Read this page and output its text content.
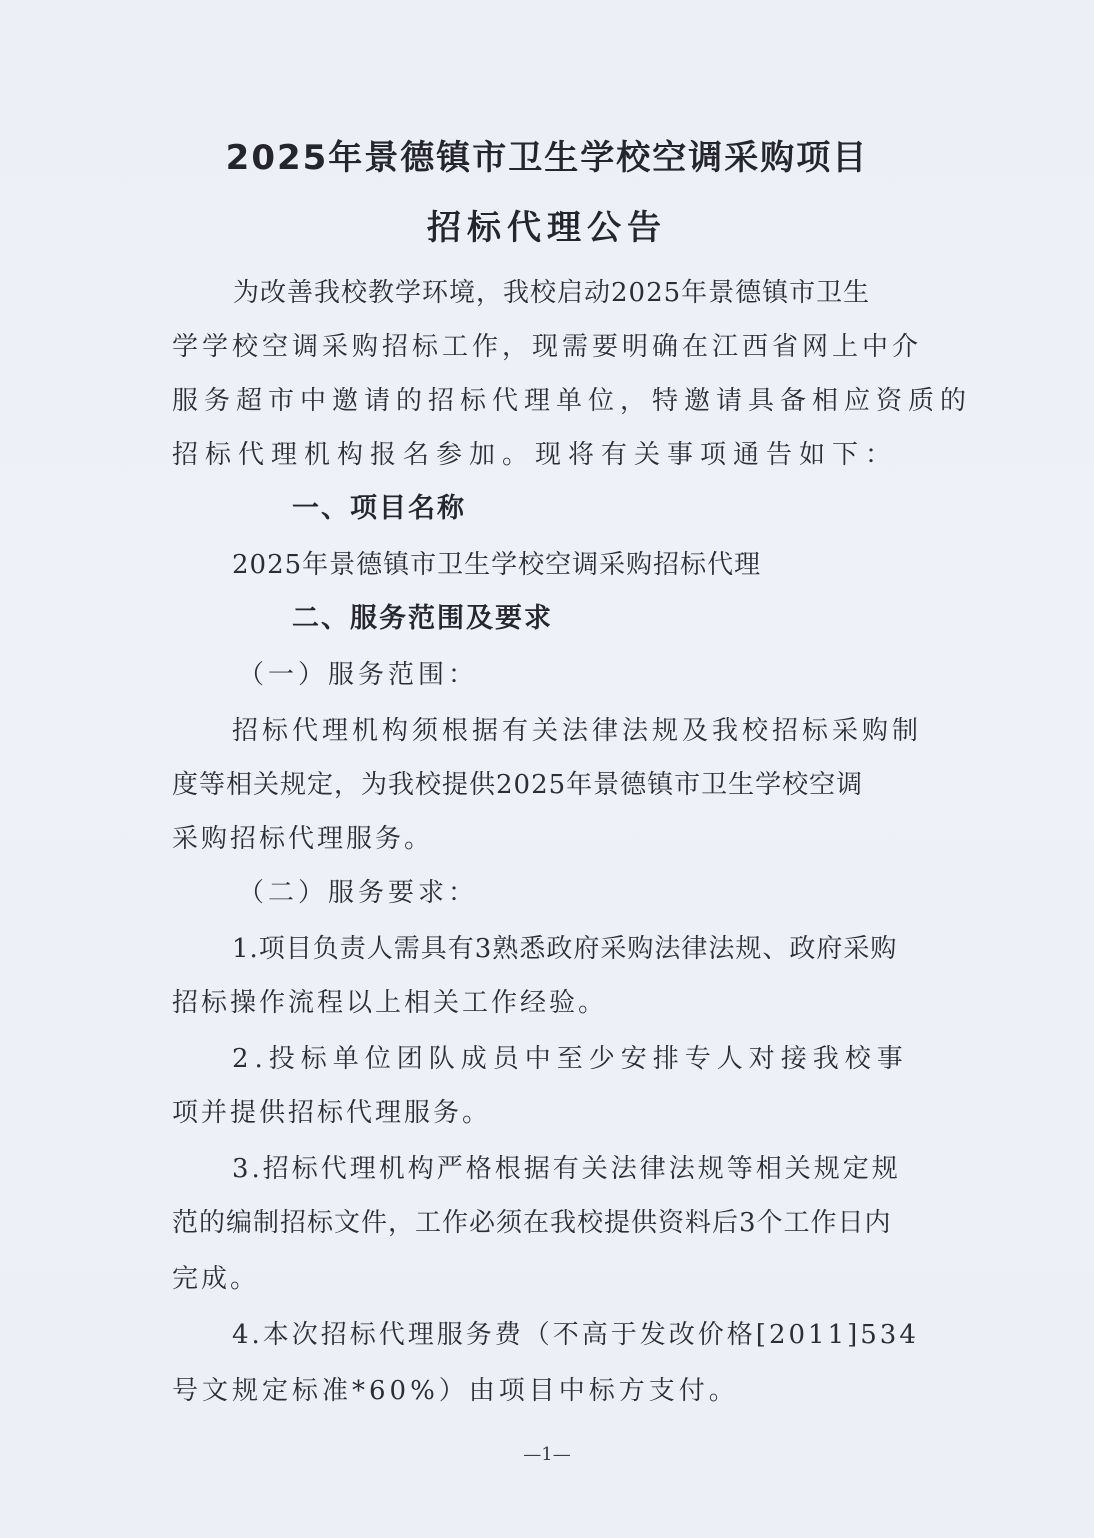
2025年景德镇市卫生学校空调采购项目
招标代理公告
为改善我校教学环境，我校启动2025年景德镇市卫生
学学校空调采购招标工作，现需要明确在江西省网上中介
服务超市中邀请的招标代理单位，特邀请具备相应资质的
招标代理机构报名参加。现将有关事项通告如下：
一、项目名称
2025年景德镇市卫生学校空调采购招标代理
二、服务范围及要求
（一）服务范围：
招标代理机构须根据有关法律法规及我校招标采购制
度等相关规定，为我校提供2025年景德镇市卫生学校空调
采购招标代理服务。
（二）服务要求：
1.项目负责人需具有3熟悉政府采购法律法规、政府采购
招标操作流程以上相关工作经验。
2.投标单位团队成员中至少安排专人对接我校事
项并提供招标代理服务。
3.招标代理机构严格根据有关法律法规等相关规定规
范的编制招标文件，工作必须在我校提供资料后3个工作日内
完成。
4.本次招标代理服务费（不高于发改价格[2011]534
号文规定标准*60%）由项目中标方支付。
—1—
